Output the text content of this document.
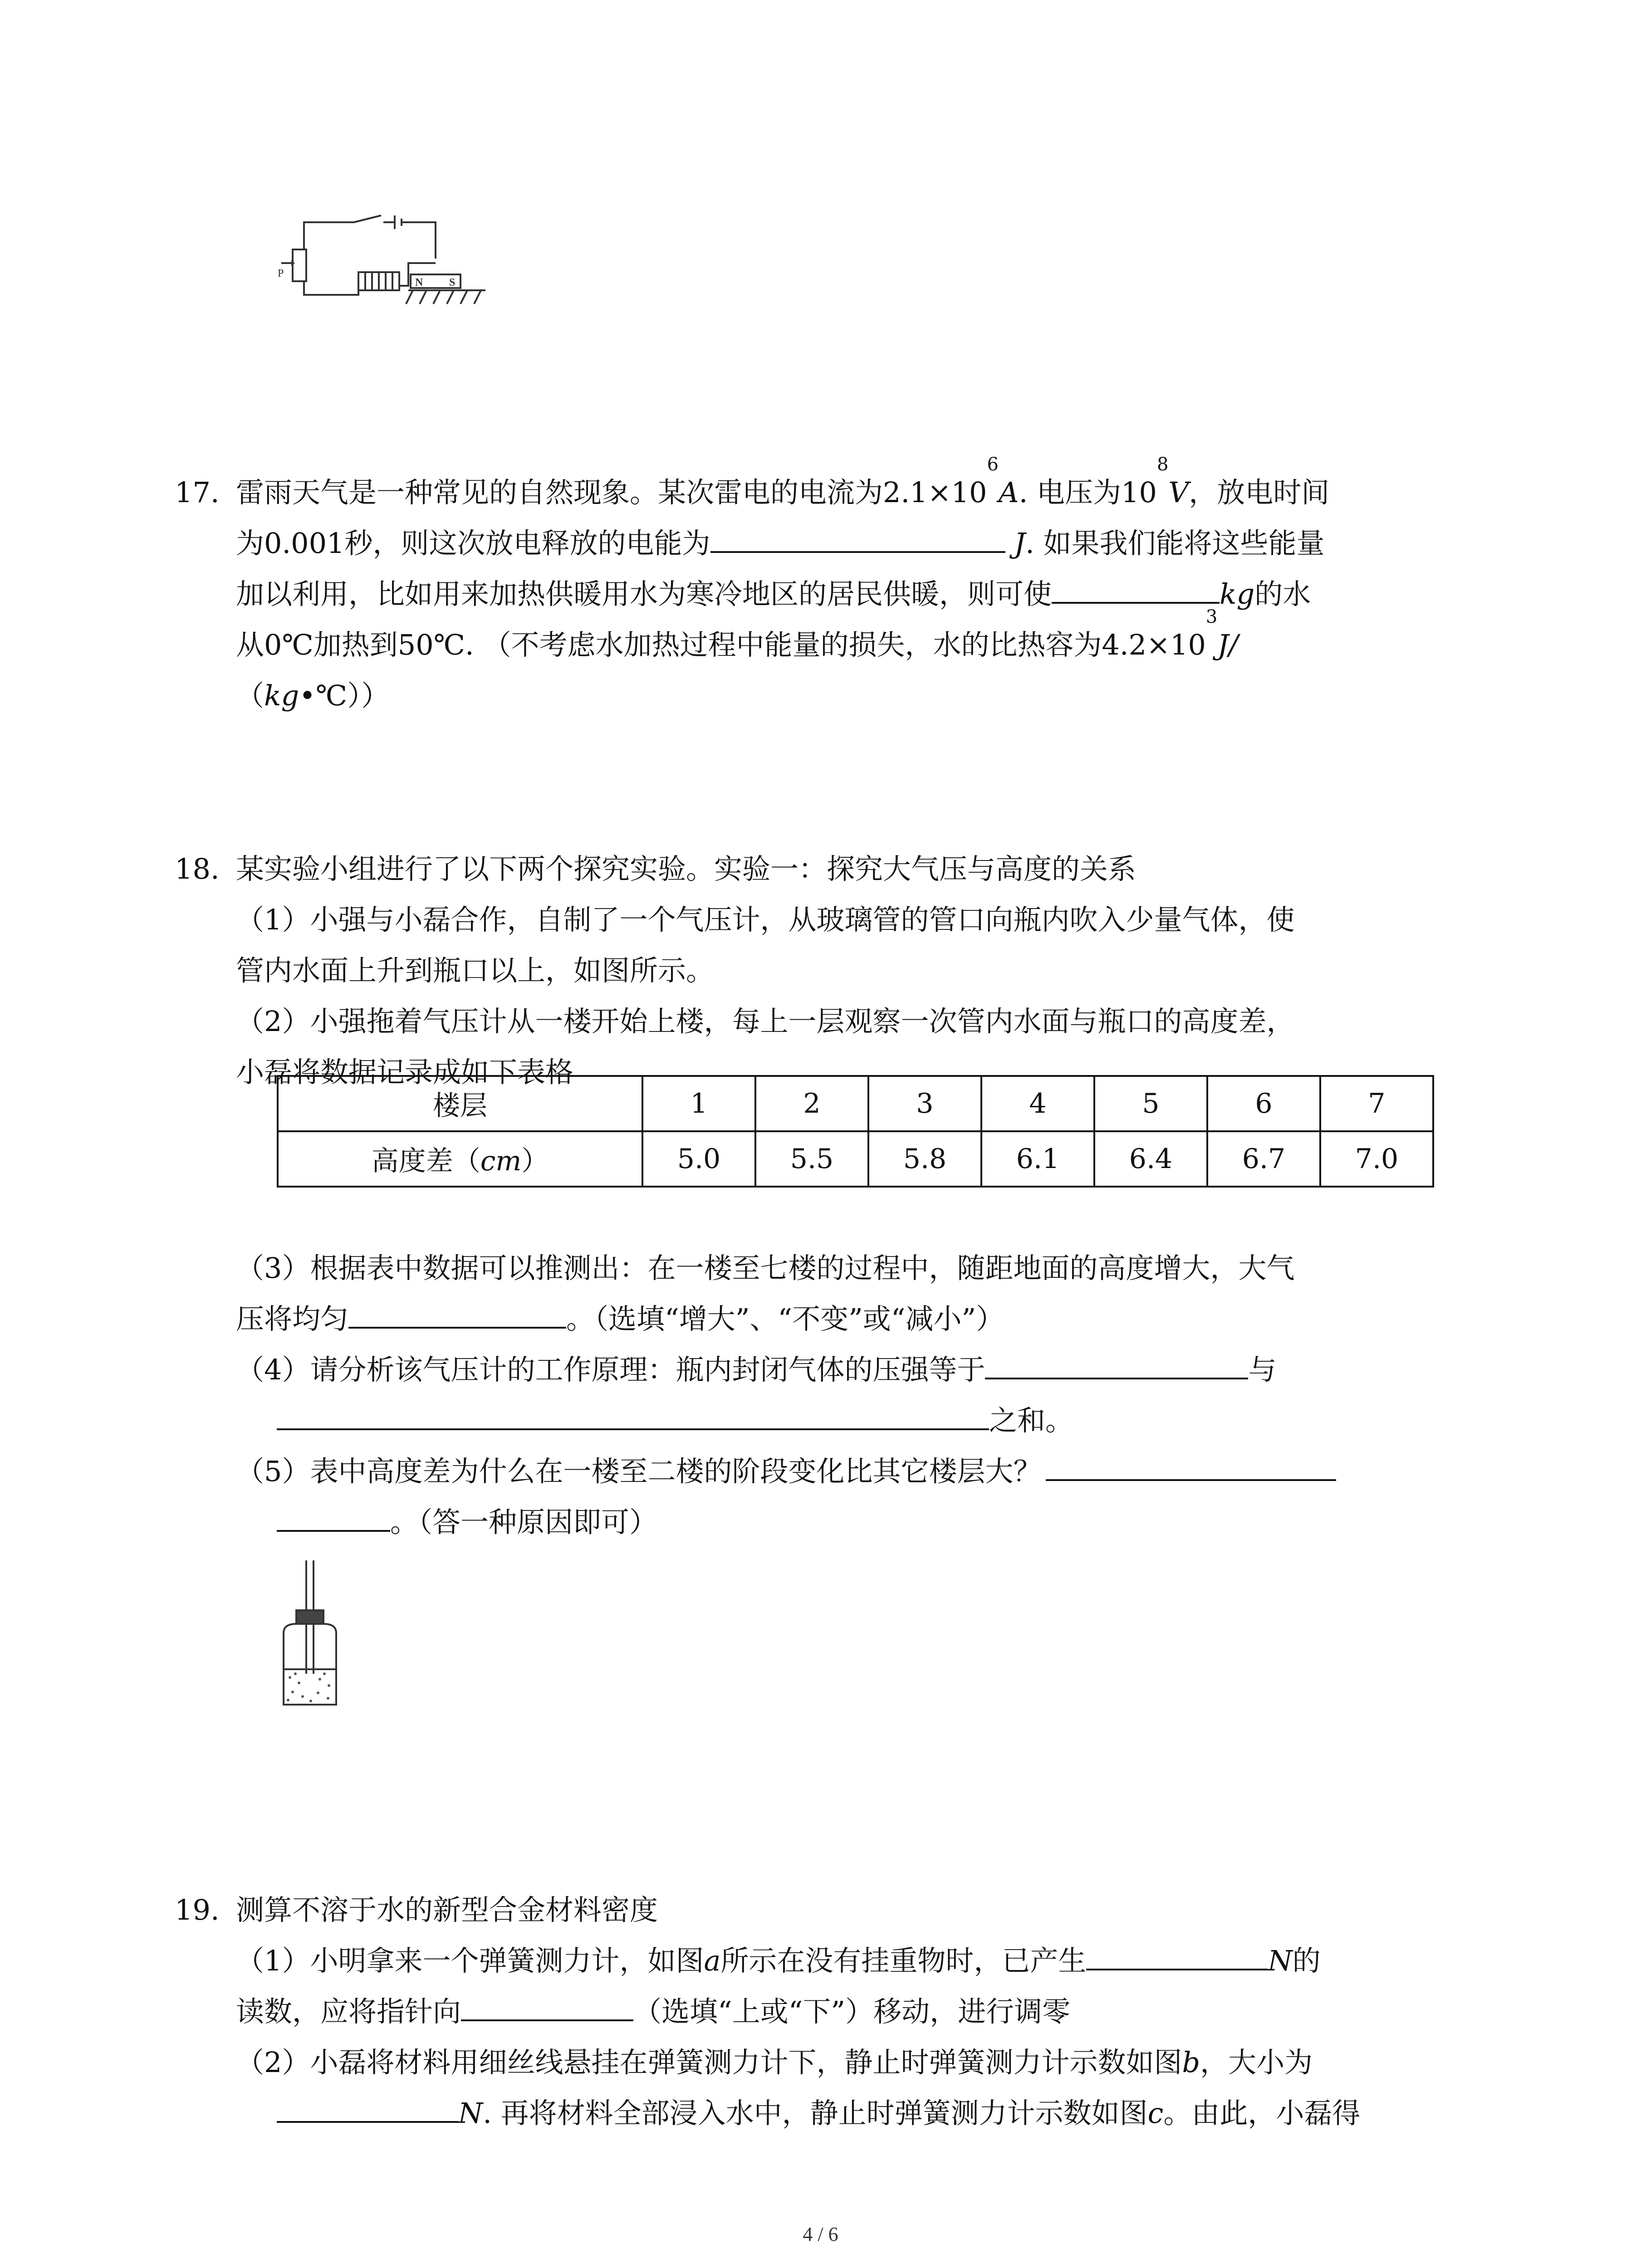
P
N S
17. 雷雨天气是一种常见的自然现象。某次雷电的电流为$2.1\times 10^6A$. 电压为$10^8V$，放电时间
为0.001秒，则这次放电释放的电能为	J. 如果我们能将这些能量
加以利用，比如用来加热供暖用水为寒冷地区的居民供暖，则可使	kg的水
从0℃加热到50℃. （不考虑水加热过程中能量的损失，水的比热容为$4.2\times 10^3J/$
（kg•℃））
18. 某实验小组进行了以下两个探究实验。实验一：探究大气压与高度的关系
（1）小强与小磊合作，自制了一个气压计，从玻璃管的管口向瓶内吹入少量气体，使
管内水面上升到瓶口以上，如图所示。
（2）小强拖着气压计从一楼开始上楼，每上一层观察一次管内水面与瓶口的高度差，
小磊将数据记录成如下表格
楼层	1	2	3	4	5	6	7
高度差（cm）	5.0	5.5	5.8	6.1	6.4	6.7	7.0
（3）根据表中数据可以推测出：在一楼至七楼的过程中，随距地面的高度增大，大气
压将均匀	。（选填“增大”、“不变”或“减小”）
（4）请分析该气压计的工作原理：瓶内封闭气体的压强等于	与
之和。
（5）表中高度差为什么在一楼至二楼的阶段变化比其它楼层大？
。（答一种原因即可）
19. 测算不溶于水的新型合金材料密度
（1）小明拿来一个弹簧测力计，如图a所示在没有挂重物时，已产生	N的
读数，应将指针向	（选填“上或“下”）移动，进行调零
（2）小磊将材料用细丝线悬挂在弹簧测力计下，静止时弹簧测力计示数如图b，大小为
N. 再将材料全部浸入水中，静止时弹簧测力计示数如图c。由此，小磊得
4 / 6
